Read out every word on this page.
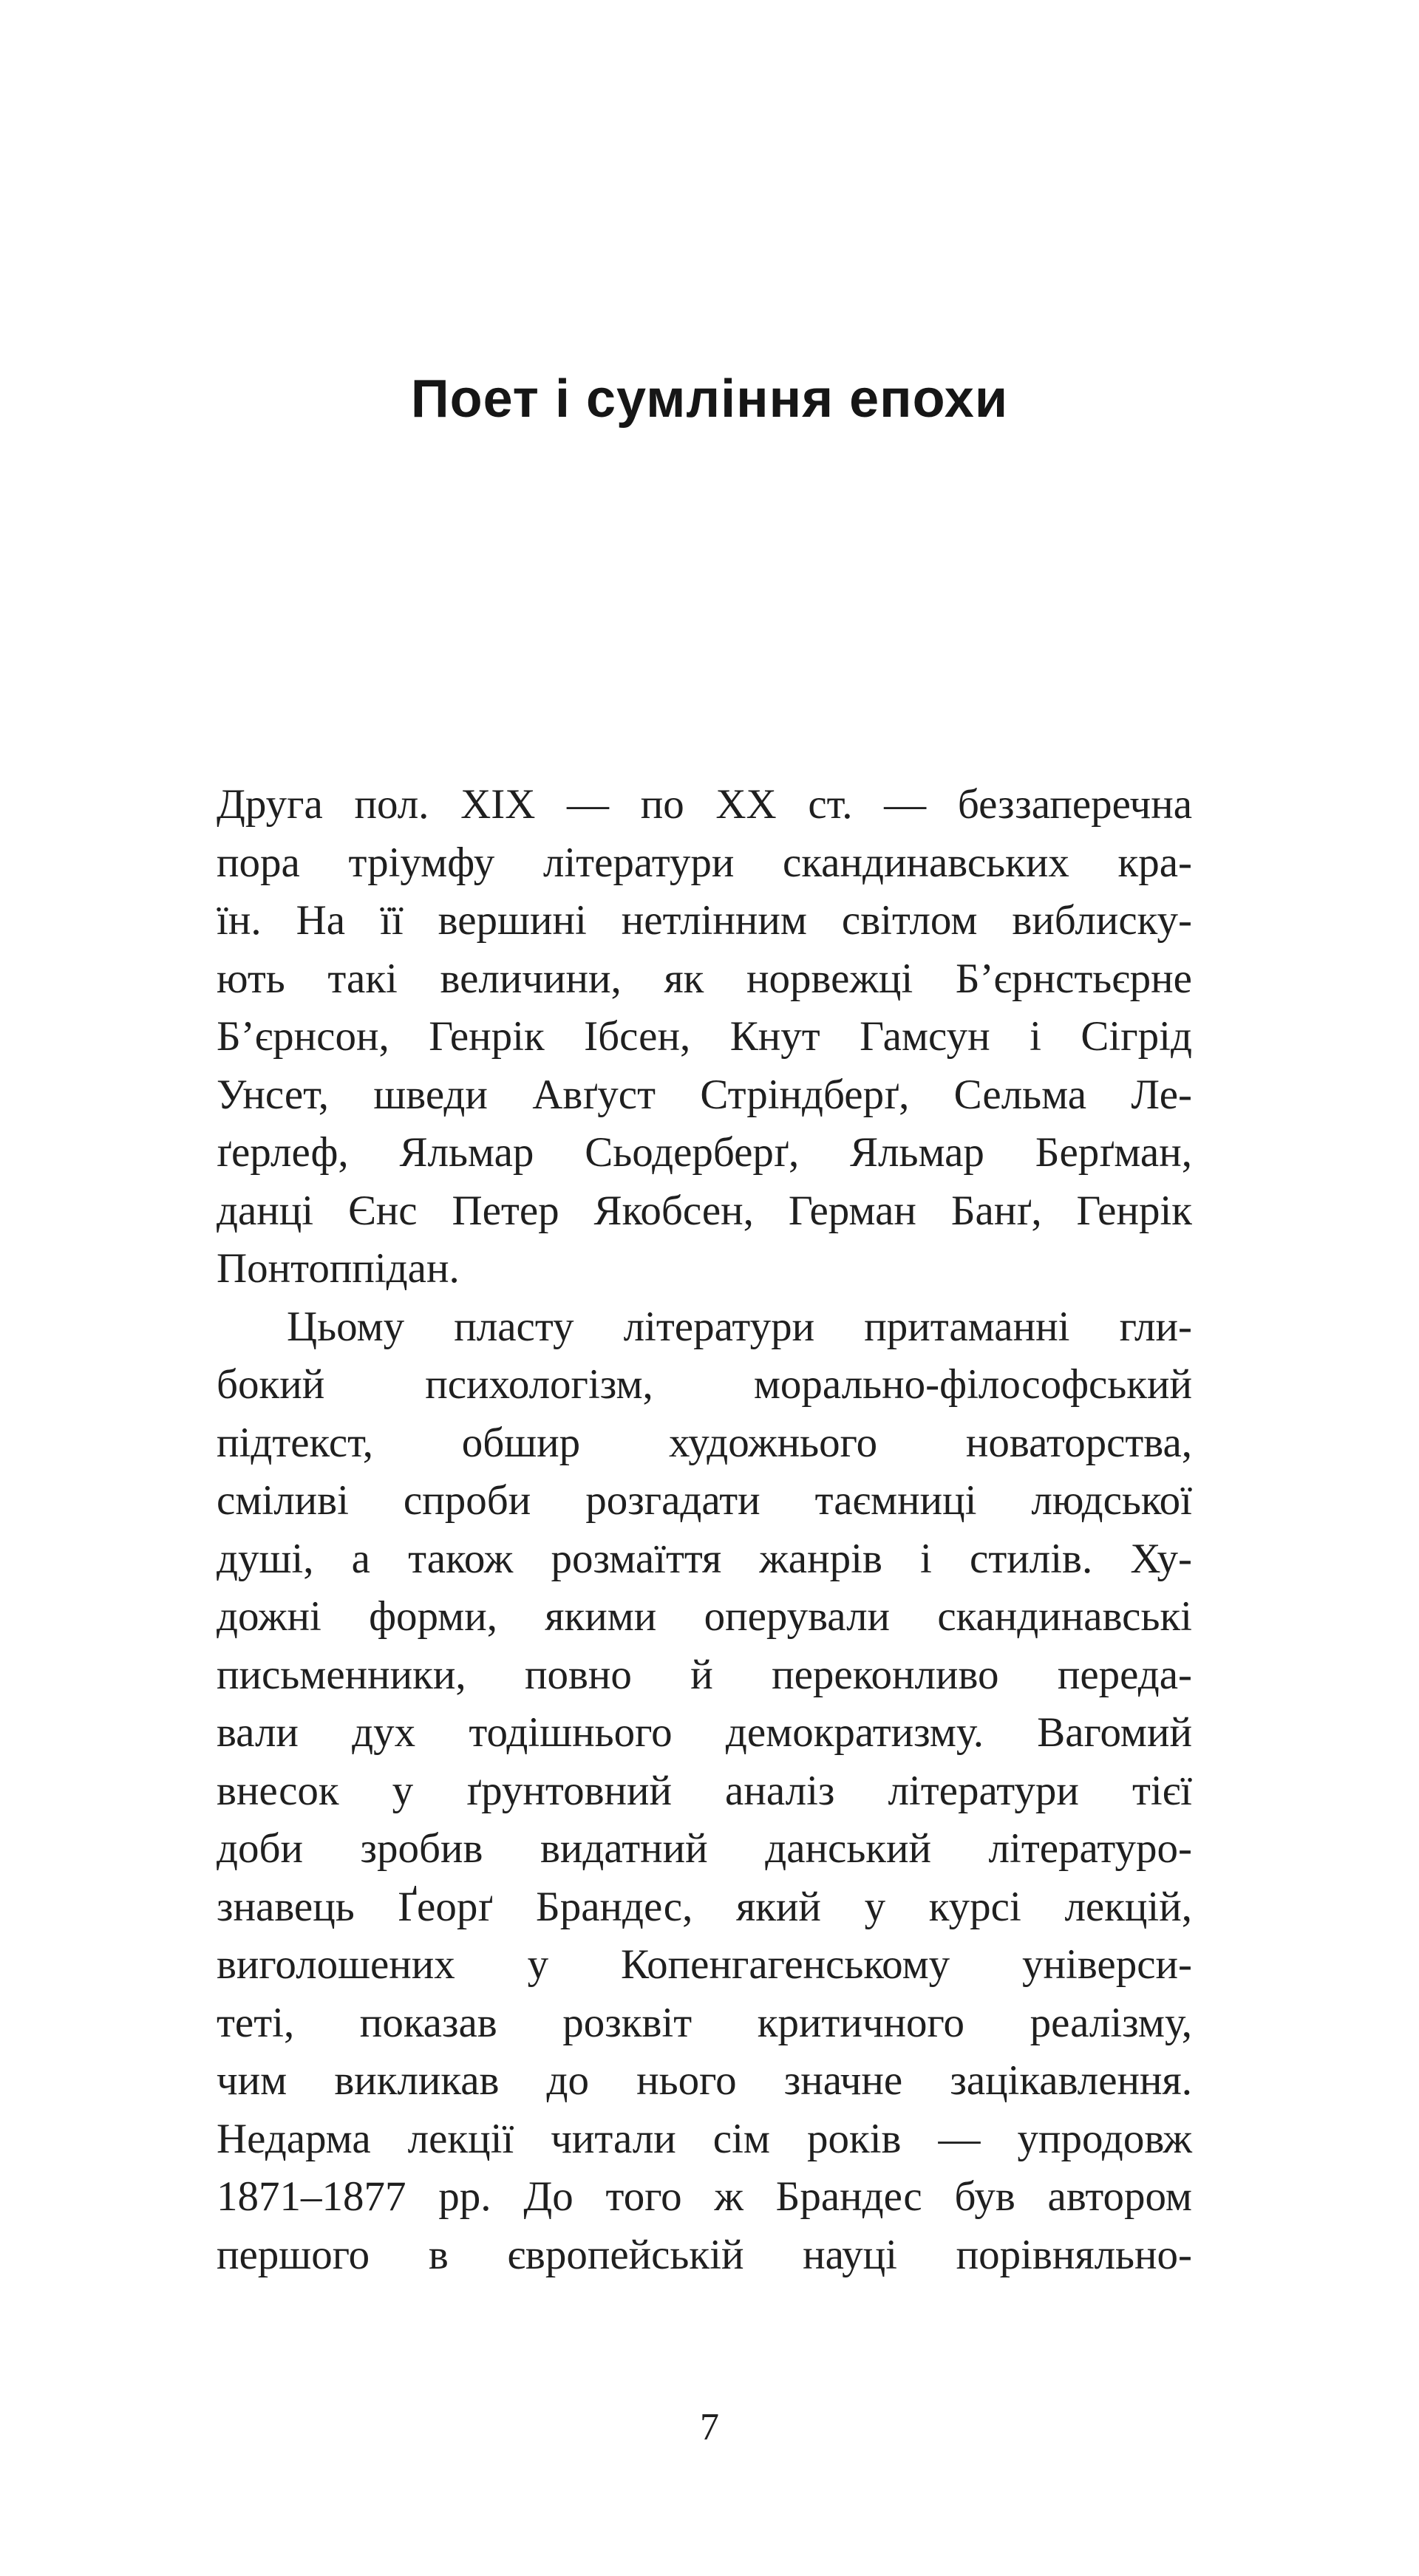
Поет і сумління епохи
Друга пол. XIX — по XX ст. — беззаперечна
пора тріумфу літератури скандинавських кра-
їн. На її вершині нетлінним світлом виблиску-
ють такі величини, як норвежці Б’єрнстьєрне
Б’єрнсон, Генрік Ібсен, Кнут Гамсун і Сігрід
Унсет, шведи Авґуст Стріндберґ, Сельма Ле-
ґерлеф, Яльмар Сьодерберґ, Яльмар Берґман,
данці Єнс Петер Якобсен, Герман Банґ, Генрік
Понтоппідан.
Цьому пласту літератури притаманні гли-
бокий психологізм, морально-філософський
підтекст, обшир художнього новаторства,
сміливі спроби розгадати таємниці людської
душі, а також розмаїття жанрів і стилів. Ху-
дожні форми, якими оперували скандинавські
письменники, повно й переконливо переда-
вали дух тодішнього демократизму. Вагомий
внесок у ґрунтовний аналіз літератури тієї
доби зробив видатний данський літературо-
знавець Ґеорґ Брандес, який у курсі лекцій,
виголошених у Копенгагенському універси-
теті, показав розквіт критичного реалізму,
чим викликав до нього значне зацікавлення.
Недарма лекції читали сім років — упродовж
1871–1877 рр. До того ж Брандес був автором
першого в європейській науці порівняльно-
7
